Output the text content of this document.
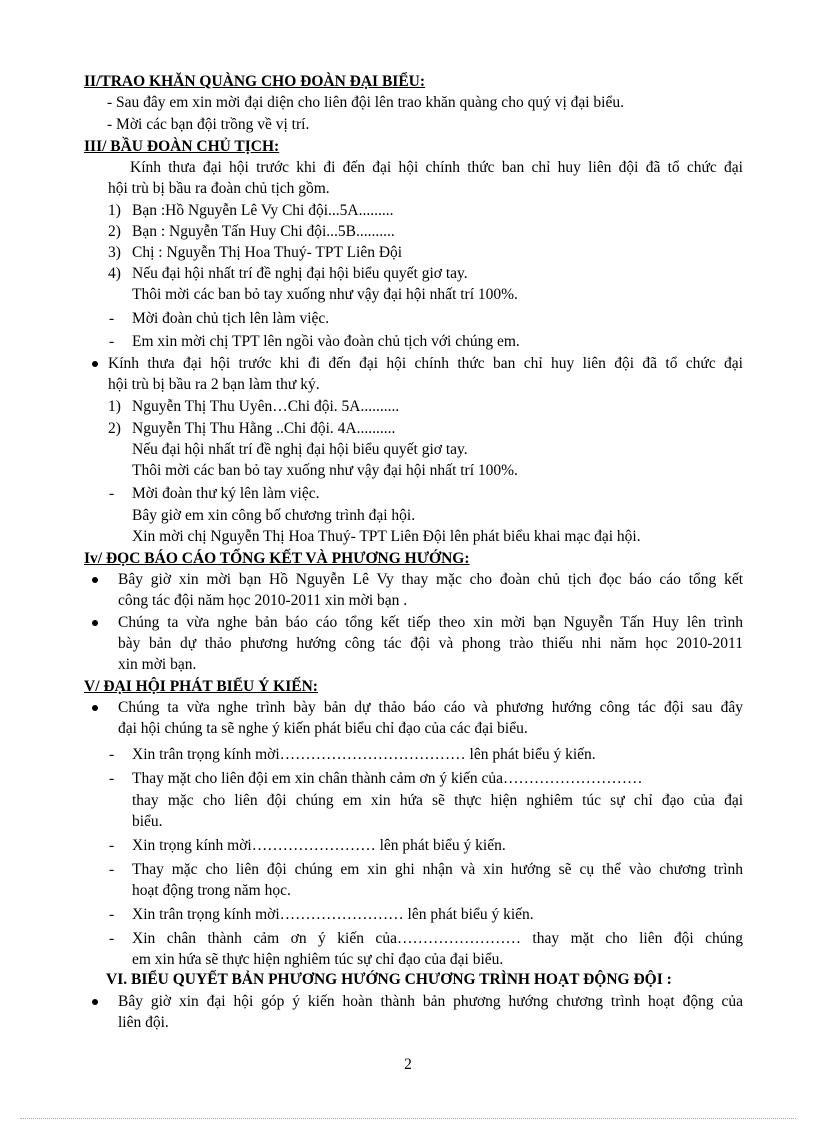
II/TRAO KHĂN QUÀNG CHO ĐOÀN ĐẠI BIỂU:
- Sau đây em xin mời đại diện cho liên đội lên trao khăn quàng cho quý vị đại biểu.
- Mời các bạn đội trồng về vị trí.
III/ BẦU ĐOÀN CHỦ TỊCH:
Kính thưa đại hội trước khi đi đến đại hội chính thức ban chỉ huy liên đội đã tổ chức đại
hội trù bị bầu ra đoàn chủ tịch gồm.
1) Bạn :Hồ Nguyễn Lê Vy Chi đội...5A.........
2) Bạn : Nguyễn Tấn Huy Chi đội...5B..........
3) Chị : Nguyễn Thị Hoa Thuý- TPT Liên Đội
4) Nếu đại hội nhất trí đề nghị đại hội biểu quyết giơ tay.
Thôi mời các ban bỏ tay xuống như vậy đại hội nhất trí 100%.
- Mời đoàn chủ tịch lên làm việc.
- Em xin mời chị TPT lên ngồi vào đoàn chủ tịch với chúng em.
Kính thưa đại hội trước khi đi đến đại hội chính thức ban chỉ huy liên đội đã tổ chức đại
hội trù bị bầu ra 2 bạn làm thư ký.
1) Nguyễn Thị Thu Uyên…Chi đội. 5A..........
2) Nguyễn Thị Thu Hằng ..Chi đội. 4A..........
Nếu đại hội nhất trí đề nghị đại hội biểu quyết giơ tay.
Thôi mời các ban bỏ tay xuống như vậy đại hội nhất trí 100%.
- Mời đoàn thư ký lên làm việc.
Bây giờ em xin công bố chương trình đại hội.
Xin mời chị Nguyễn Thị Hoa Thuý- TPT Liên Đội lên phát biểu khai mạc đại hội.
Iv/ ĐỌC BÁO CÁO TỔNG KẾT VÀ PHƯƠNG HƯỚNG:
Bây giờ xin mời bạn Hồ Nguyễn Lê Vy thay mặc cho đoàn chủ tịch đọc báo cáo tổng kết
công tác đội năm học 2010-2011 xin mời bạn .
Chúng ta vừa nghe bản báo cáo tổng kết tiếp theo xin mời bạn Nguyễn Tấn Huy lên trình
bày bản dự thảo phương hướng công tác đội và phong trào thiếu nhi năm học 2010-2011
xin mời bạn.
V/ ĐẠI HỘI PHÁT BIỂU Ý KIẾN:
Chúng ta vừa nghe trình bày bản dự thảo báo cáo và phương hướng công tác đội sau đây
đại hội chúng ta sẽ nghe ý kiến phát biểu chỉ đạo của các đại biểu.
- Xin trân trọng kính mời……………………………… lên phát biểu ý kiến.
- Thay mặt cho liên đội em xin chân thành cảm ơn ý kiến của………………………
thay mặc cho liên đội chúng em xin hứa sẽ thực hiện nghiêm túc sự chỉ đạo của đại
biểu.
- Xin trọng kính mời…………………… lên phát biểu ý kiến.
- Thay mặc cho liên đội chúng em xin ghi nhận và xin hướng sẽ cụ thể vào chương trình
hoạt động trong năm học.
- Xin trân trọng kính mời…………………… lên phát biểu ý kiến.
- Xin chân thành cảm ơn ý kiến của…………………… thay mặt cho liên đội chúng
em xin hứa sẽ thực hiện nghiêm túc sự chỉ đạo của đại biểu.
VI. BIỂU QUYẾT BẢN PHƯƠNG HƯỚNG CHƯƠNG TRÌNH HOẠT ĐỘNG ĐỘI :
Bây giờ xin đại hội góp ý kiến hoàn thành bản phương hướng chương trình hoạt động của
liên đội.
2
